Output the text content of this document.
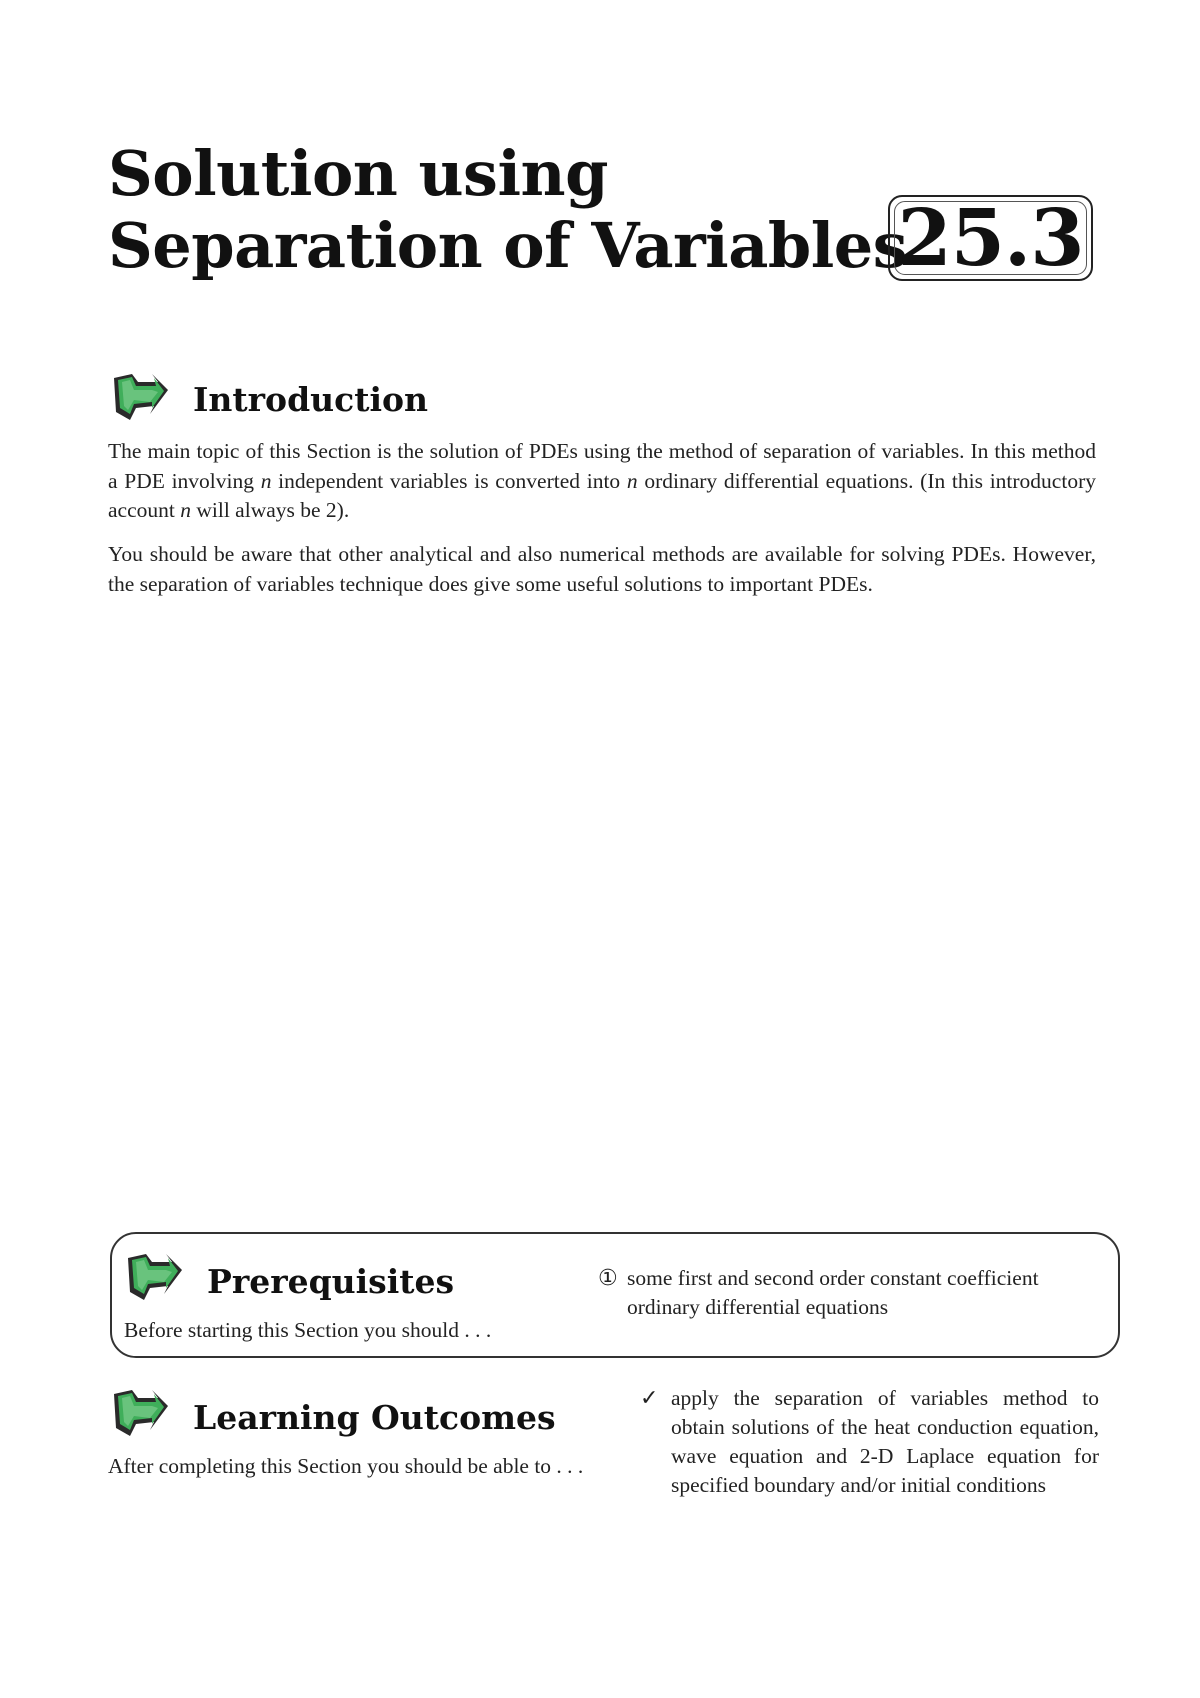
Solution using
Separation of Variables
25.3
Introduction
The main topic of this Section is the solution of PDEs using the method of separation of variables. In this method a PDE involving n independent variables is converted into n ordinary differential equations. (In this introductory account n will always be 2).
You should be aware that other analytical and also numerical methods are available for solving PDEs. However, the separation of variables technique does give some useful solutions to important PDEs.
Prerequisites
Before starting this Section you should . . .
① some first and second order constant coefficient ordinary differential equations
Learning Outcomes
After completing this Section you should be able to . . .
✓ apply the separation of variables method to obtain solutions of the heat conduction equation, wave equation and 2-D Laplace equation for specified boundary and/or initial conditions
